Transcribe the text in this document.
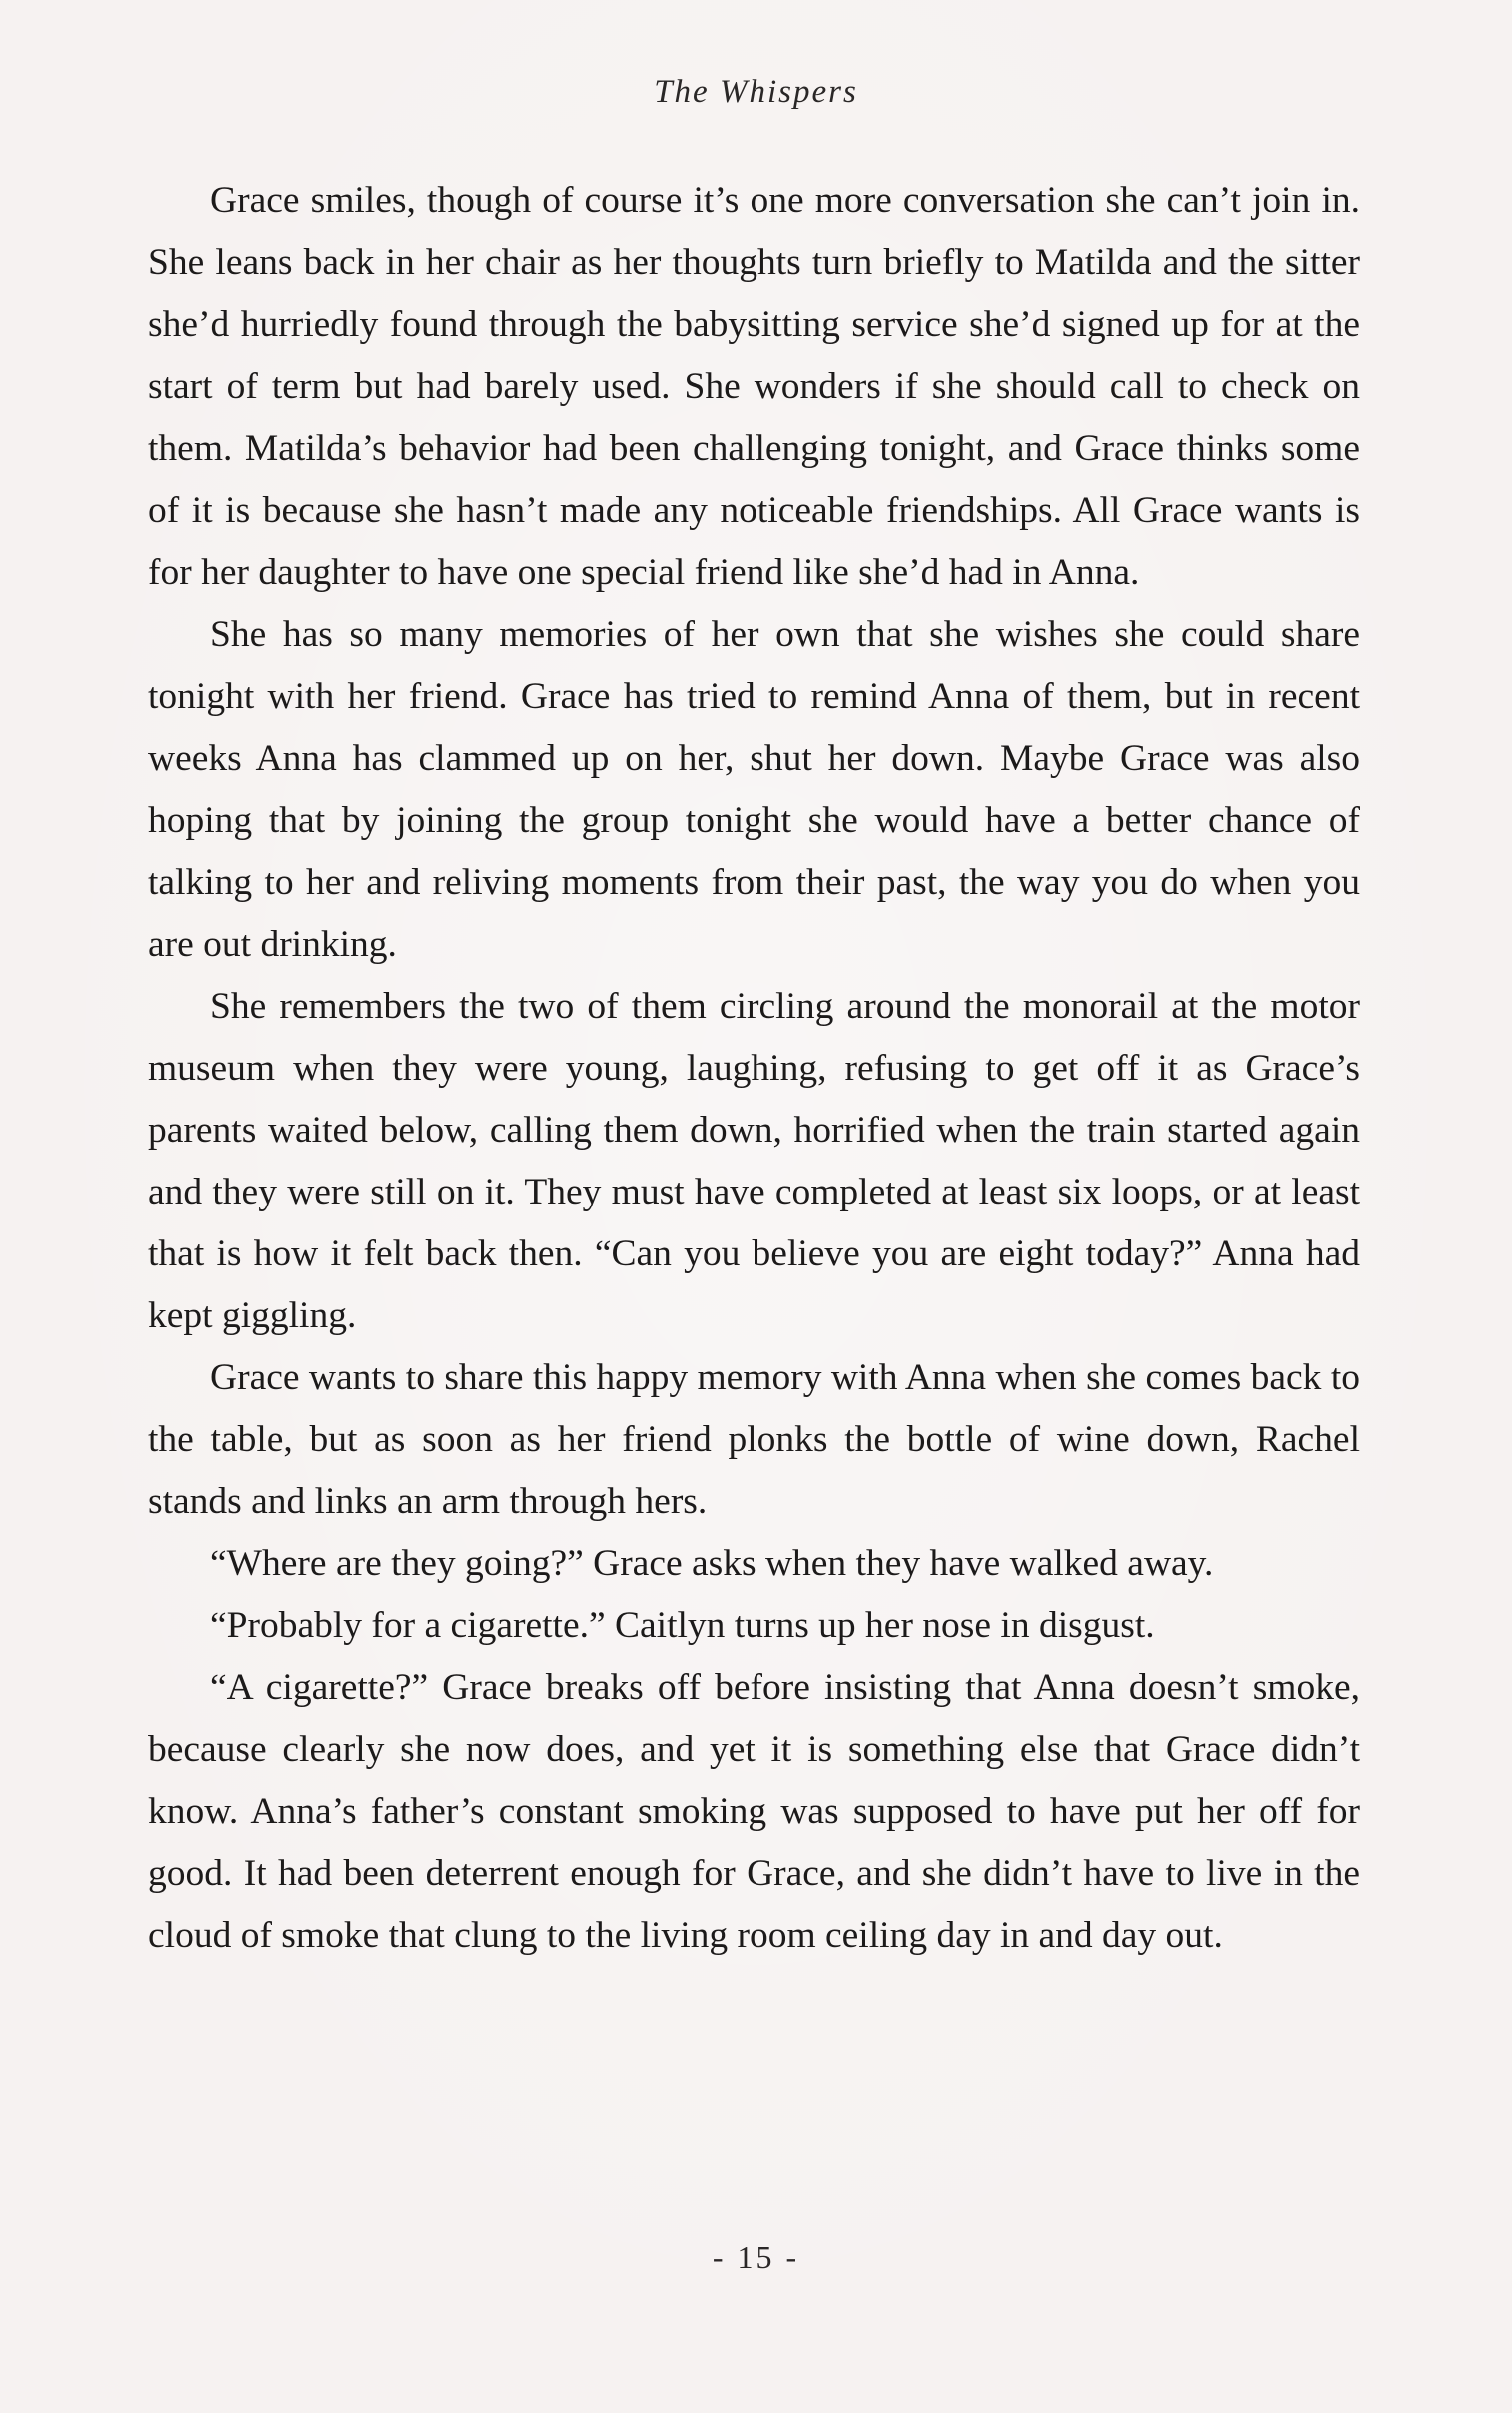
The Whispers

Grace smiles, though of course it’s one more conversation she can’t join in. She leans back in her chair as her thoughts turn briefly to Matilda and the sitter she’d hurriedly found through the babysitting service she’d signed up for at the start of term but had barely used. She wonders if she should call to check on them. Matilda’s behavior had been challenging tonight, and Grace thinks some of it is because she hasn’t made any noticeable friendships. All Grace wants is for her daughter to have one special friend like she’d had in Anna.

She has so many memories of her own that she wishes she could share tonight with her friend. Grace has tried to remind Anna of them, but in recent weeks Anna has clammed up on her, shut her down. Maybe Grace was also hoping that by joining the group tonight she would have a better chance of talking to her and reliving moments from their past, the way you do when you are out drinking.

She remembers the two of them circling around the monorail at the motor museum when they were young, laughing, refusing to get off it as Grace’s parents waited below, calling them down, horrified when the train started again and they were still on it. They must have completed at least six loops, or at least that is how it felt back then. “Can you believe you are eight today?” Anna had kept giggling.

Grace wants to share this happy memory with Anna when she comes back to the table, but as soon as her friend plonks the bottle of wine down, Rachel stands and links an arm through hers.

“Where are they going?” Grace asks when they have walked away.

“Probably for a cigarette.” Caitlyn turns up her nose in disgust.

“A cigarette?” Grace breaks off before insisting that Anna doesn’t smoke, because clearly she now does, and yet it is something else that Grace didn’t know. Anna’s father’s constant smoking was supposed to have put her off for good. It had been deterrent enough for Grace, and she didn’t have to live in the cloud of smoke that clung to the living room ceiling day in and day out.

- 15 -
